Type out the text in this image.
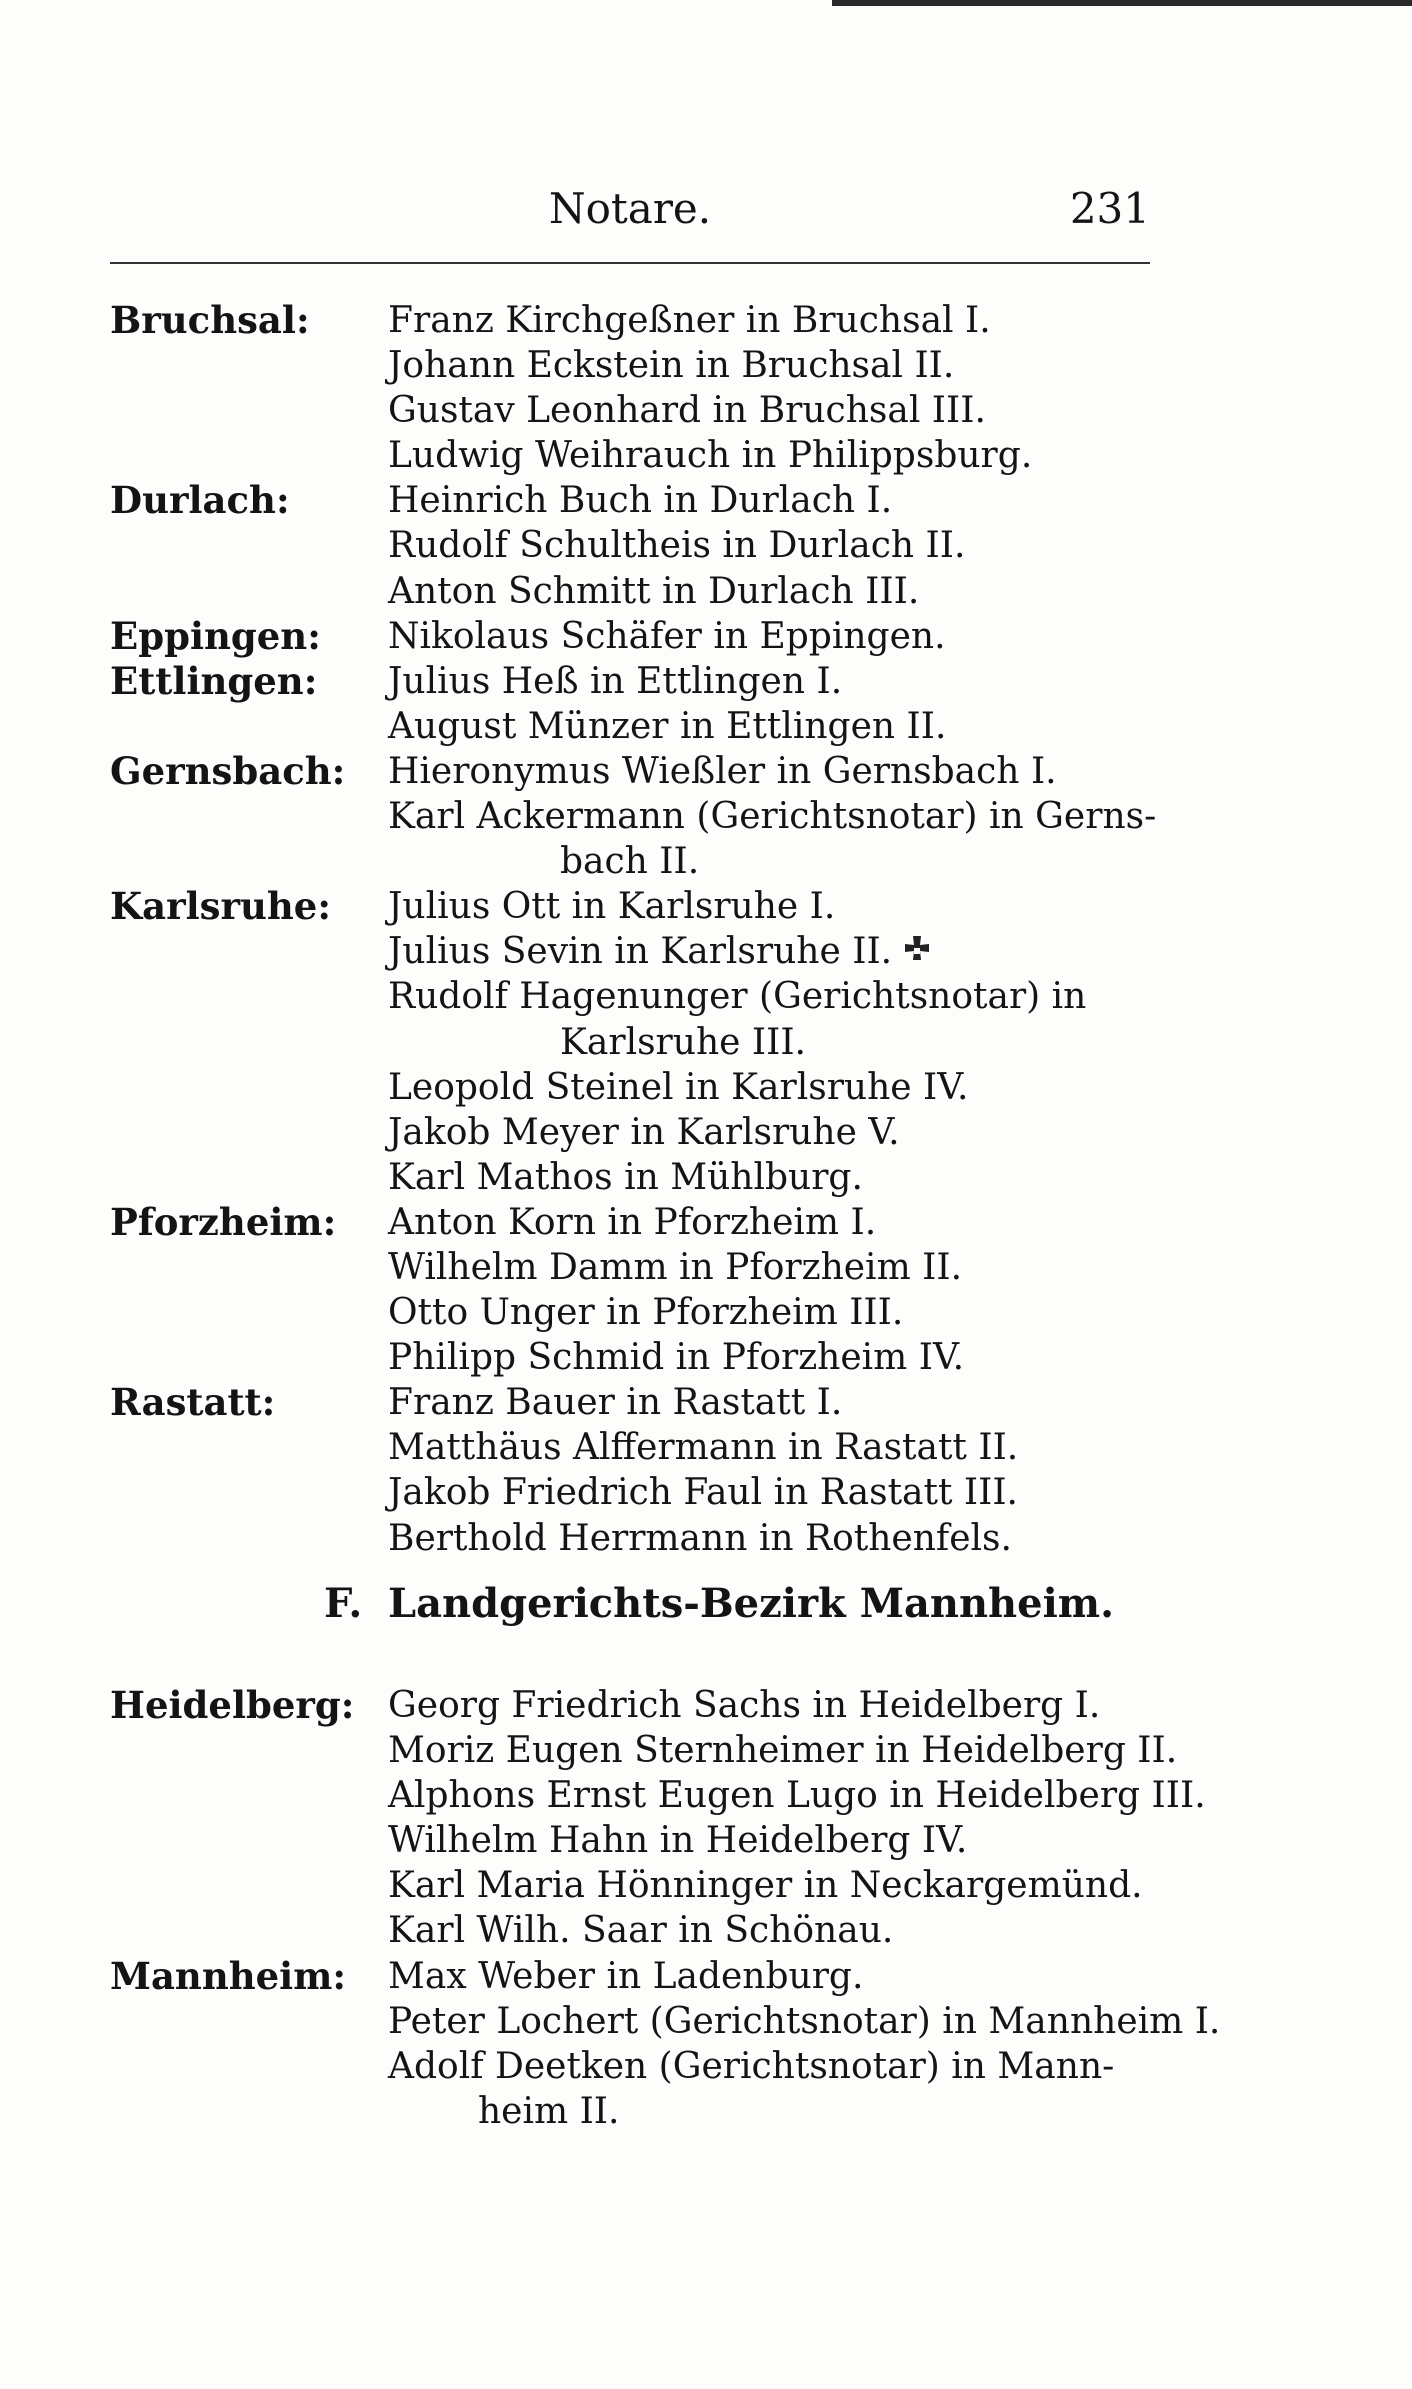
Notare.	231
Bruchsal: Franz Kirchgeßner in Bruchsal I.
Johann Eckstein in Bruchsal II.
Gustav Leonhard in Bruchsal III.
Ludwig Weihrauch in Philippsburg.
Durlach:	Heinrich Buch in Durlach I.
Rudolf Schultheis in Durlach II.
Anton Schmitt in Durlach III.
Eppingen: Nikolaus Schäfer in Eppingen.
Ettlingen: Julius Heß in Ettlingen I.
August Münzer in Ettlingen II.
Gernsbach: Hieronymus Wießler in Gernsbach I.
Karl Ackermann (Gerichtsnotar) in Gerns-
bach II.
Karlsruhe: Julius Ott in Karlsruhe I.
Julius Sevin in Karlsruhe II.
Rudolf Hagenunger (Gerichtsnotar) in
Karlsruhe III.
Leopold Steinel in Karlsruhe IV.
Jakob Meyer in Karlsruhe V.
Karl Mathos in Mühlburg.
Pforzheim: Anton Korn in Pforzheim I.
Wilhelm Damm in Pforzheim II.
Otto Unger in Pforzheim III.
Philipp Schmid in Pforzheim IV.
Rastatt:	Franz Bauer in Rastatt I.
Matthäus Alffermann in Rastatt II.
Jakob Friedrich Faul in Rastatt III.
Berthold Herrmann in Rothenfels.
F. Landgerichts-Bezirk Mannheim.
Heidelberg: Georg Friedrich Sachs in Heidelberg I.
Moriz Eugen Sternheimer in Heidelberg II.
Alphons Ernst Eugen Lugo in Heidelberg III.
Wilhelm Hahn in Heidelberg IV.
Karl Maria Hönninger in Neckargemünd.
Karl Wilh. Saar in Schönau.
Mannheim: Max Weber in Ladenburg.
Peter Lochert (Gerichtsnotar) in Mannheim I.
Adolf Deetken (Gerichtsnotar) in Mann-
heim II.
